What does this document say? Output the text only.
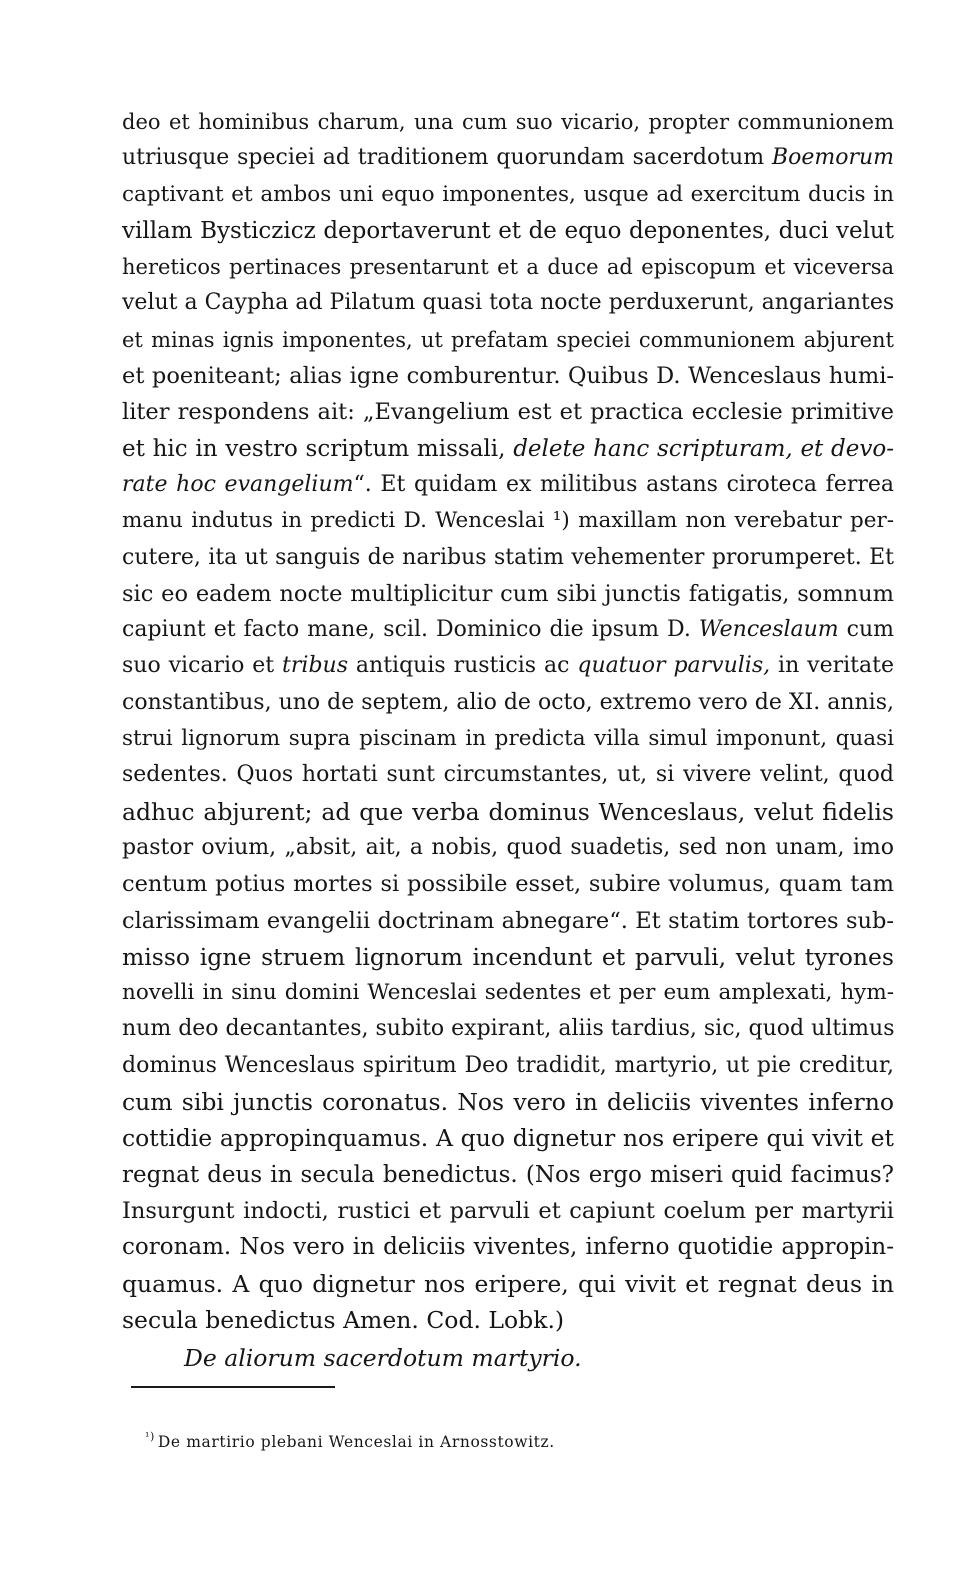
deo et hominibus charum, una cum suo vicario, propter communionem
utriusque speciei ad traditionem quorundam sacerdotum Boemorum
captivant et ambos uni equo imponentes, usque ad exercitum ducis in
villam Bysticzicz deportaverunt et de equo deponentes, duci velut
hereticos pertinaces presentarunt et a duce ad episcopum et viceversa
velut a Caypha ad Pilatum quasi tota nocte perduxerunt, angariantes
et minas ignis imponentes, ut prefatam speciei communionem abjurent
et poeniteant; alias igne comburentur. Quibus D. Wenceslaus humi-
liter respondens ait: „Evangelium est et practica ecclesie primitive
et hic in vestro scriptum missali, delete hanc scripturam, et devo-
rate hoc evangelium“. Et quidam ex militibus astans ciroteca ferrea
manu indutus in predicti D. Wenceslai ¹) maxillam non verebatur per-
cutere, ita ut sanguis de naribus statim vehementer prorumperet. Et
sic eo eadem nocte multiplicitur cum sibi junctis fatigatis, somnum
capiunt et facto mane, scil. Dominico die ipsum D. Wenceslaum cum
suo vicario et tribus antiquis rusticis ac quatuor parvulis, in veritate
constantibus, uno de septem, alio de octo, extremo vero de XI. annis,
strui lignorum supra piscinam in predicta villa simul imponunt, quasi
sedentes. Quos hortati sunt circumstantes, ut, si vivere velint, quod
adhuc abjurent; ad que verba dominus Wenceslaus, velut fidelis
pastor ovium, „absit, ait, a nobis, quod suadetis, sed non unam, imo
centum potius mortes si possibile esset, subire volumus, quam tam
clarissimam evangelii doctrinam abnegare“. Et statim tortores sub-
misso igne struem lignorum incendunt et parvuli, velut tyrones
novelli in sinu domini Wenceslai sedentes et per eum amplexati, hym-
num deo decantantes, subito expirant, aliis tardius, sic, quod ultimus
dominus Wenceslaus spiritum Deo tradidit, martyrio, ut pie creditur,
cum sibi junctis coronatus. Nos vero in deliciis viventes inferno
cottidie appropinquamus. A quo dignetur nos eripere qui vivit et
regnat deus in secula benedictus. (Nos ergo miseri quid facimus?
Insurgunt indocti, rustici et parvuli et capiunt coelum per martyrii
coronam. Nos vero in deliciis viventes, inferno quotidie appropin-
quamus. A quo dignetur nos eripere, qui vivit et regnat deus in
secula benedictus Amen. Cod. Lobk.)
De aliorum sacerdotum martyrio.
$^{^1)}$ De martirio plebani Wenceslai in Arnosstowitz.
